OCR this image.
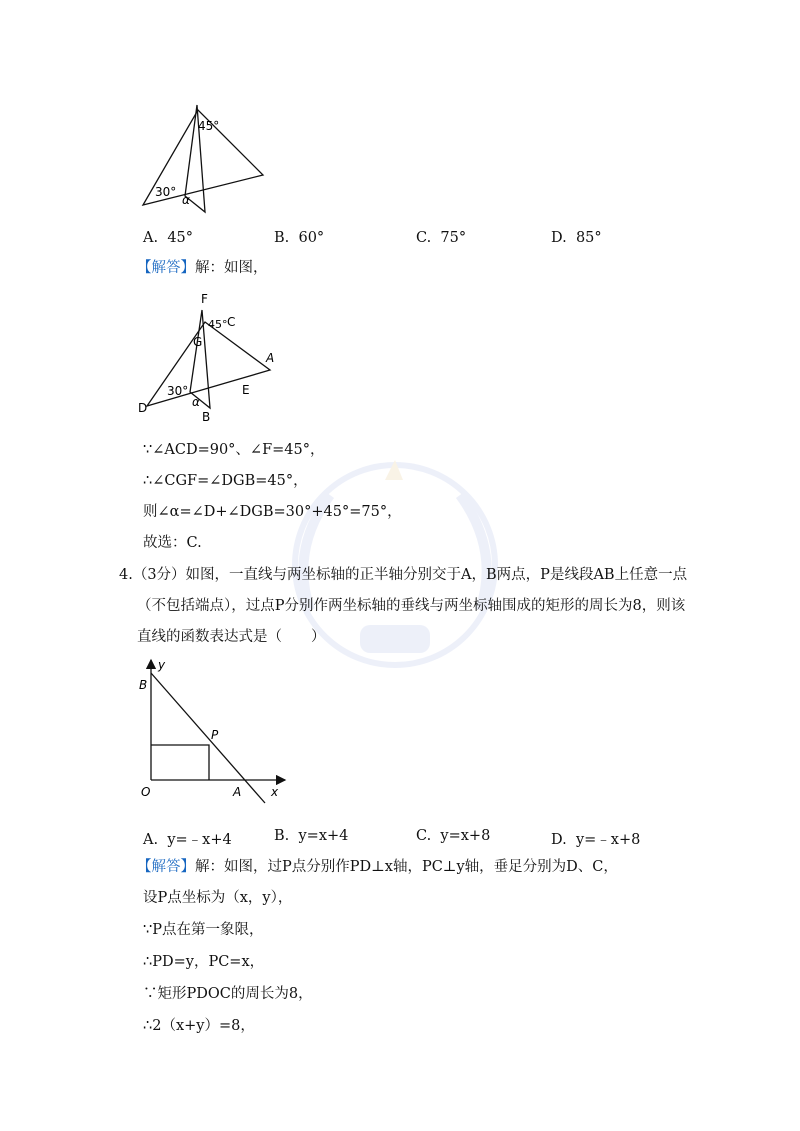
45°
30°
α
A. 45°	B. 60°	C. 75°	D. 85°
【解答】解：如图，
F
C
45°
G
A
E
D
B
30°
α
∵∠ACD=90°、∠F=45°，
∴∠CGF=∠DGB=45°，
则∠α=∠D+∠DGB=30°+45°=75°，
故选：C.
4.（3分）如图，一直线与两坐标轴的正半轴分别交于A，B两点，P是线段AB上任意一点
（不包括端点），过点P分别作两坐标轴的垂线与两坐标轴围成的矩形的周长为8，则该
直线的函数表达式是（　　）
y
B
P
O	A x
A. y=﹣x+4	B. y=x+4	C. y=x+8	D. y=﹣x+8
【解答】解：如图，过P点分别作PD⊥x轴，PC⊥y轴，垂足分别为D、C，
设P点坐标为（x，y），
∵P点在第一象限，
∴PD=y，PC=x，
∵矩形PDOC的周长为8，
∴2（x+y）=8，
